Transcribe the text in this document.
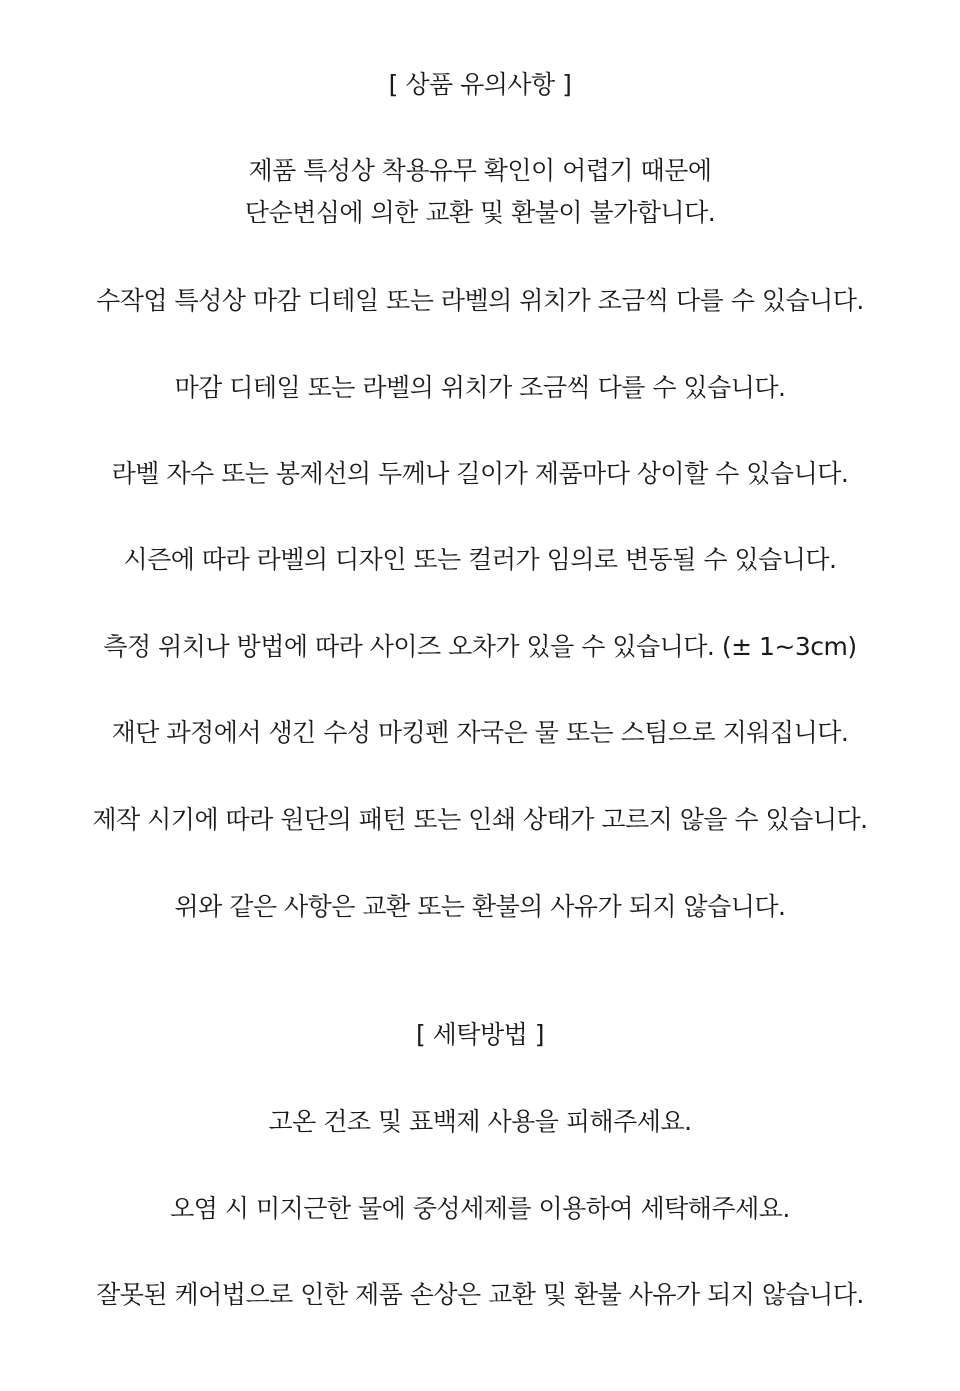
[ 상품 유의사항 ]
제품 특성상 착용유무 확인이 어렵기 때문에
단순변심에 의한 교환 및 환불이 불가합니다.
수작업 특성상 마감 디테일 또는 라벨의 위치가 조금씩 다를 수 있습니다.
마감 디테일 또는 라벨의 위치가 조금씩 다를 수 있습니다.
라벨 자수 또는 봉제선의 두께나 길이가 제품마다 상이할 수 있습니다.
시즌에 따라 라벨의 디자인 또는 컬러가 임의로 변동될 수 있습니다.
측정 위치나 방법에 따라 사이즈 오차가 있을 수 있습니다. (± 1~3cm)
재단 과정에서 생긴 수성 마킹펜 자국은 물 또는 스팀으로 지워집니다.
제작 시기에 따라 원단의 패턴 또는 인쇄 상태가 고르지 않을 수 있습니다.
위와 같은 사항은 교환 또는 환불의 사유가 되지 않습니다.
[ 세탁방법 ]
고온 건조 및 표백제 사용을 피해주세요.
오염 시 미지근한 물에 중성세제를 이용하여 세탁해주세요.
잘못된 케어법으로 인한 제품 손상은 교환 및 환불 사유가 되지 않습니다.
